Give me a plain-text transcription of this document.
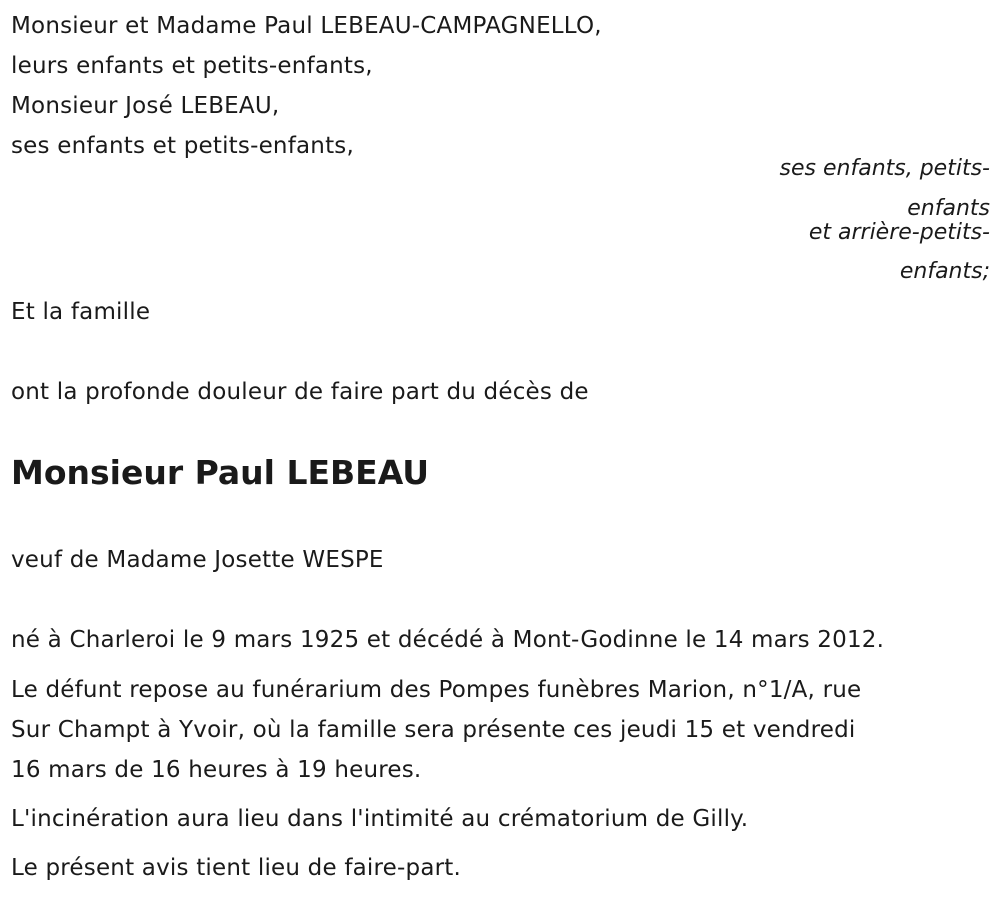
Monsieur et Madame Paul LEBEAU-CAMPAGNELLO,
leurs enfants et petits-enfants,
Monsieur José LEBEAU,
ses enfants et petits-enfants,
ses enfants, petits-
enfants
et arrière-petits-
enfants;
Et la famille
ont la profonde douleur de faire part du décès de
Monsieur Paul LEBEAU
veuf de Madame Josette WESPE
né à Charleroi le 9 mars 1925 et décédé à Mont-Godinne le 14 mars 2012.
Le défunt repose au funérarium des Pompes funèbres Marion, n°1/A, rue
Sur Champt à Yvoir, où la famille sera présente ces jeudi 15 et vendredi
16 mars de 16 heures à 19 heures.
L'incinération aura lieu dans l'intimité au crématorium de Gilly.
Le présent avis tient lieu de faire-part.
